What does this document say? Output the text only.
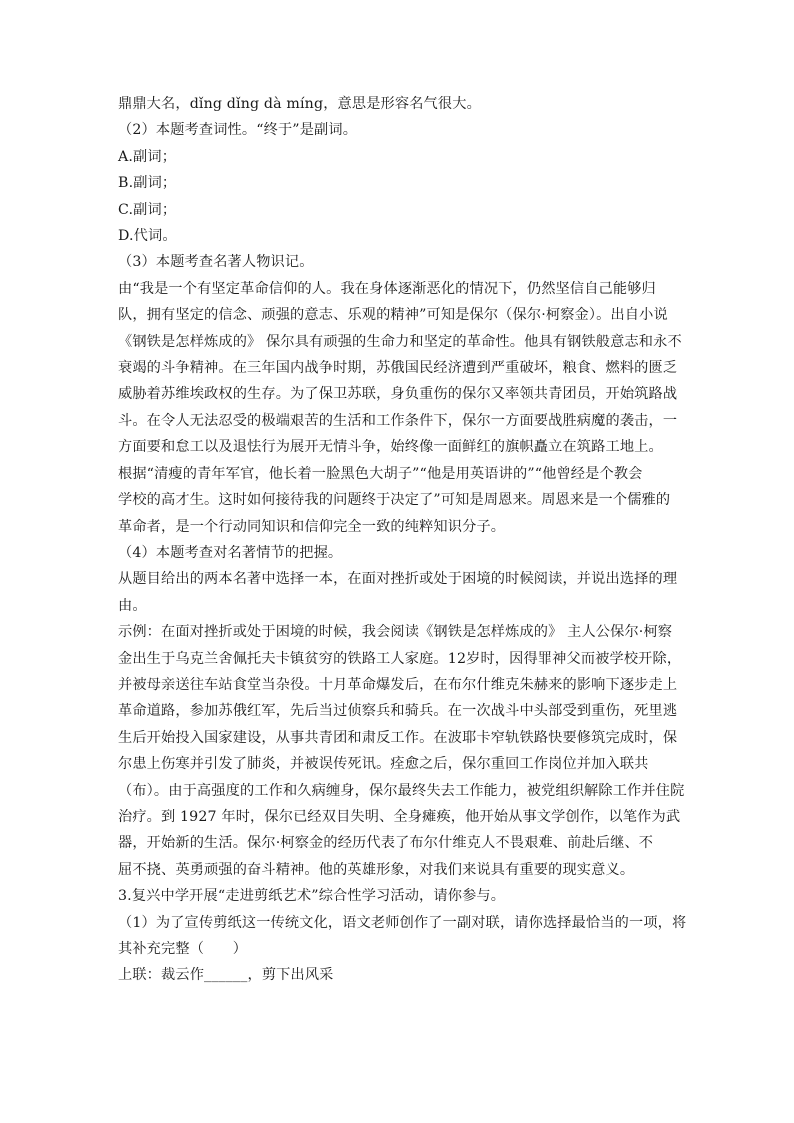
鼎鼎大名，dǐng dǐng dà míng，意思是形容名气很大。
（2）本题考查词性。“终于”是副词。
A.副词；
B.副词；
C.副词；
D.代词。
（3）本题考查名著人物识记。
由“我是一个有坚定革命信仰的人。我在身体逐渐恶化的情况下，仍然坚信自己能够归
队，拥有坚定的信念、顽强的意志、乐观的精神”可知是保尔（保尔·柯察金）。出自小说
《钢铁是怎样炼成的》 保尔具有顽强的生命力和坚定的革命性。他具有钢铁般意志和永不
衰竭的斗争精神。在三年国内战争时期，苏俄国民经济遭到严重破坏，粮食、燃料的匮乏
威胁着苏维埃政权的生存。为了保卫苏联，身负重伤的保尔又率领共青团员，开始筑路战
斗。在令人无法忍受的极端艰苦的生活和工作条件下，保尔一方面要战胜病魔的袭击，一
方面要和怠工以及退怯行为展开无情斗争，始终像一面鲜红的旗帜矗立在筑路工地上。
根据“清瘦的青年军官，他长着一脸黑色大胡子”“他是用英语讲的”“他曾经是个教会
学校的高才生。这时如何接待我的问题终于决定了”可知是周恩来。周恩来是一个儒雅的
革命者，是一个行动同知识和信仰完全一致的纯粹知识分子。
（4）本题考查对名著情节的把握。
从题目给出的两本名著中选择一本，在面对挫折或处于困境的时候阅读，并说出选择的理
由。
示例：在面对挫折或处于困境的时候，我会阅读《钢铁是怎样炼成的》 主人公保尔·柯察
金出生于乌克兰舍佩托夫卡镇贫穷的铁路工人家庭。12岁时，因得罪神父而被学校开除，
并被母亲送往车站食堂当杂役。十月革命爆发后，在布尔什维克朱赫来的影响下逐步走上
革命道路，参加苏俄红军，先后当过侦察兵和骑兵。在一次战斗中头部受到重伤，死里逃
生后开始投入国家建设，从事共青团和肃反工作。在波耶卡窄轨铁路快要修筑完成时，保
尔患上伤寒并引发了肺炎，并被误传死讯。痊愈之后，保尔重回工作岗位并加入联共
（布）。由于高强度的工作和久病缠身，保尔最终失去工作能力，被党组织解除工作并住院
治疗。到 1927 年时，保尔已经双目失明、全身瘫痪，他开始从事文学创作，以笔作为武
器，开始新的生活。保尔·柯察金的经历代表了布尔什维克人不畏艰难、前赴后继、不
屈不挠、英勇顽强的奋斗精神。他的英雄形象，对我们来说具有重要的现实意义。
3.复兴中学开展“走进剪纸艺术”综合性学习活动，请你参与。
（1）为了宣传剪纸这一传统文化，语文老师创作了一副对联，请你选择最恰当的一项，将
其补充完整（　　）
上联：裁云作______，剪下出风采
